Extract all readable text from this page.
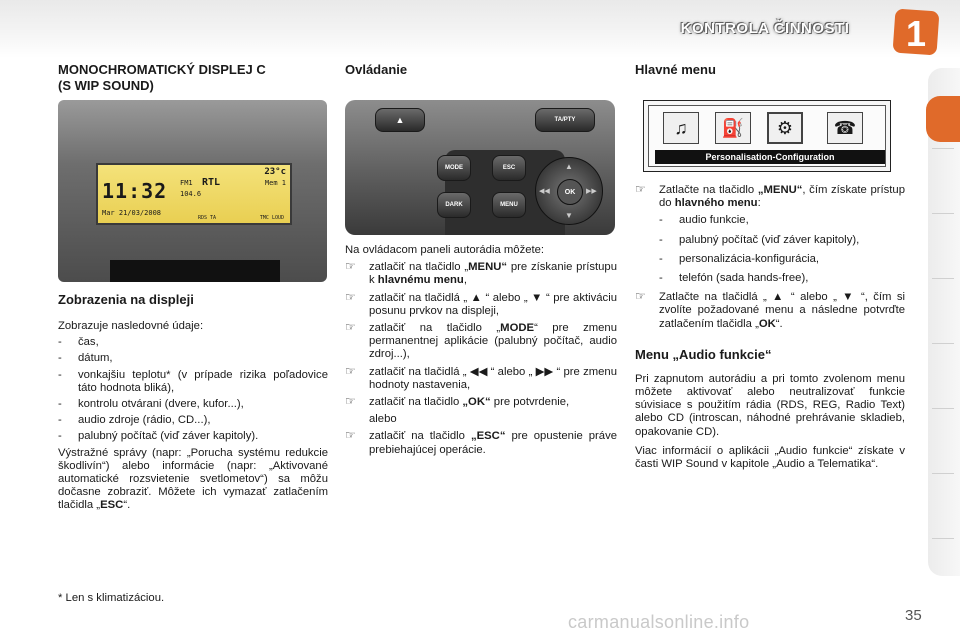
KONTROLA ČINNOSTI	1
MONOCHROMATICKÝ DISPLEJ C
(S WIP SOUND)
23°c
11:32 FM1 RTL	Mem 1
104.6
Mar 21/03/2008
RDS TA	TMC LOUD
Zobrazenia na displeji
Zobrazuje nasledovné údaje:
- čas,
- dátum,
- vonkajšiu teplotu* (v prípade rizika poľadovice táto hodnota bliká),
- kontrolu otvárani (dvere, kufor...),
- audio zdroje (rádio, CD...),
- palubný počítač (viď záver kapitoly).
Výstražné správy (napr: „Porucha systému redukcie škodlivín“) alebo informácie (napr: „Aktivované automatické rozsvietenie svetlometov“) sa môžu dočasne zobraziť. Môžete ich vymazať zatlačením tlačidla „ESC“.
* Len s klimatizáciou.
Ovládanie
▲	TA/PTY
MODE
DARK
ESC
MENU
OK
▲
▼
◀◀	▶▶
Na ovládacom paneli autorádia môžete:
☞ zatlačiť na tlačidlo „MENU“ pre získanie prístupu k hlavnému menu,
☞ zatlačiť na tlačidlá „ ▲ “ alebo „ ▼ “ pre aktiváciu posunu prvkov na displeji,
☞ zatlačiť na tlačidlo „MODE“ pre zmenu permanentnej aplikácie (palubný počítač, audio zdroj...),
☞ zatlačiť na tlačidlá „ ◀◀ “ alebo „ ▶▶ “ pre zmenu hodnoty nastavenia,
☞ zatlačiť na tlačidlo „OK“ pre potvrdenie,
alebo
☞ zatlačiť na tlačidlo „ESC“ pre opustenie práve prebiehajúcej operácie.
Hlavné menu
♫	⛽	⚙	☎
Personalisation-Configuration
☞ Zatlačte na tlačidlo „MENU“, čím získate prístup do hlavného menu:
- audio funkcie,
- palubný počítač (viď záver kapitoly),
- personalizácia-konfigurácia,
- telefón (sada hands-free),
☞ Zatlačte na tlačidlá „ ▲ “ alebo „ ▼ “, čím si zvolíte požadované menu a následne potvrďte zatlačením tlačidla „OK“.
Menu „Audio funkcie“
Pri zapnutom autorádiu a pri tomto zvolenom menu môžete aktivovať alebo neutralizovať funkcie súvisiace s použitím rádia (RDS, REG, Radio Text) alebo CD (introscan, náhodné prehrávanie skladieb, opakovanie CD).
Viac informácií o aplikácii „Audio funkcie“ získate v časti WIP Sound v kapitole „Audio a Telematika“.
carmanualsonline.info	35
